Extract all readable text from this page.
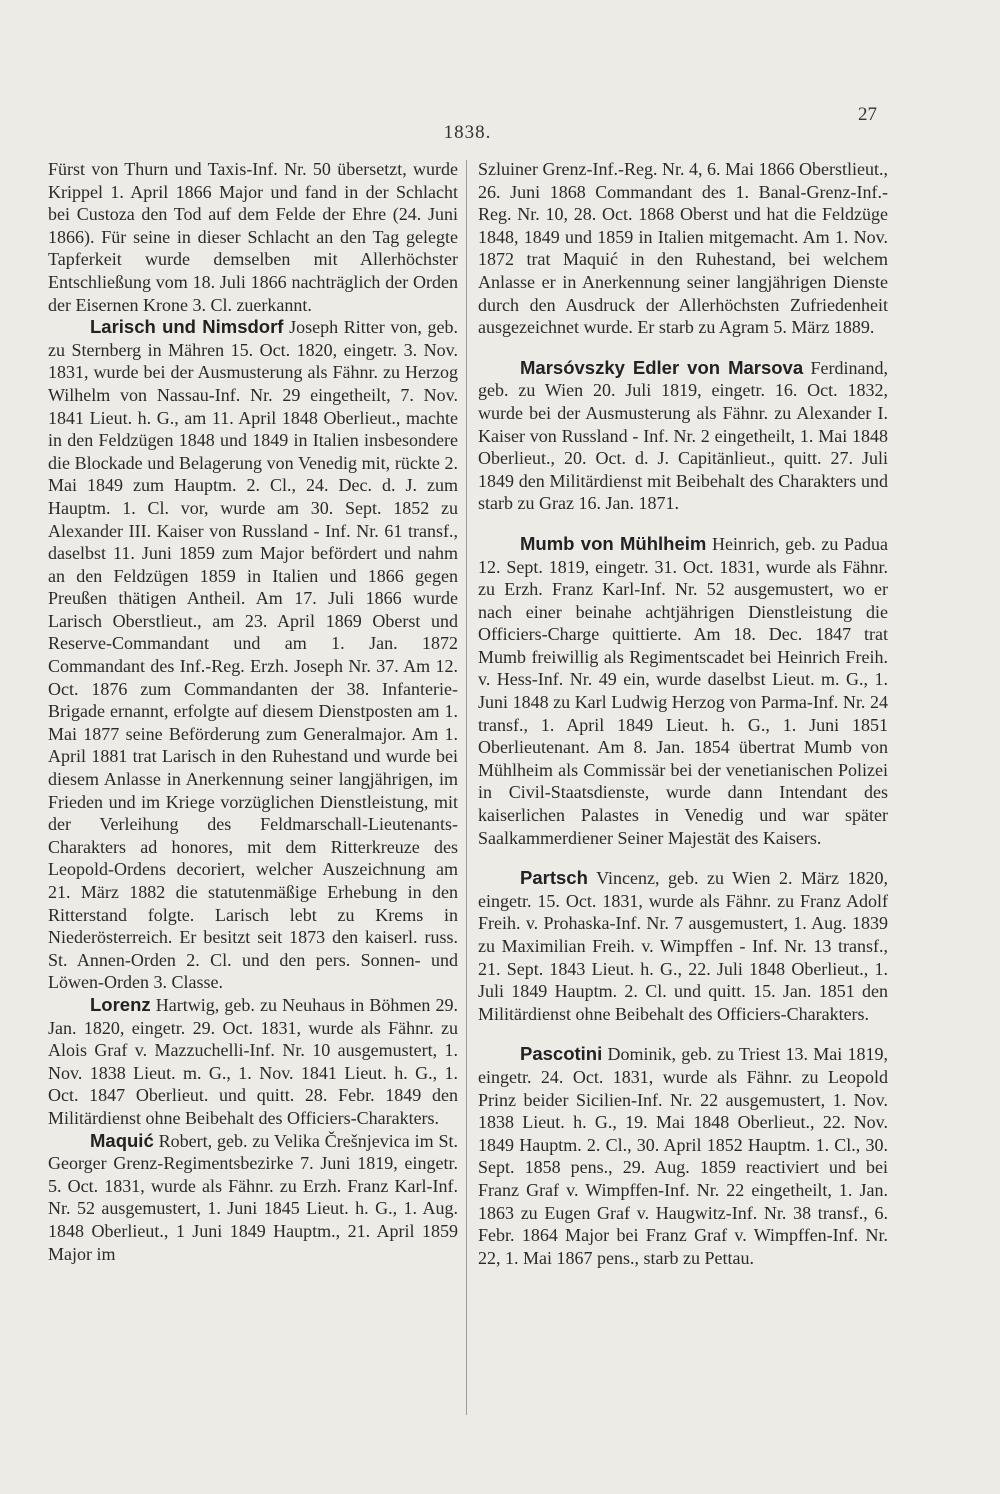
27
1838.

Fürst von Thurn und Taxis-Inf. Nr. 50 übersetzt, wurde Krippel 1. April 1866 Major und fand in der Schlacht bei Custoza den Tod auf dem Felde der Ehre (24. Juni 1866). Für seine in dieser Schlacht an den Tag gelegte Tapferkeit wurde demselben mit Allerhöchster Entschließung vom 18. Juli 1866 nachträglich der Orden der Eisernen Krone 3. Cl. zuerkannt.

Larisch und Nimsdorf Joseph Ritter von, geb. zu Sternberg in Mähren 15. Oct. 1820, eingetr. 3. Nov. 1831, wurde bei der Ausmusterung als Fähnr. zu Herzog Wilhelm von Nassau-Inf. Nr. 29 eingetheilt, 7. Nov. 1841 Lieut. h. G., am 11. April 1848 Oberlieut., machte in den Feldzügen 1848 und 1849 in Italien insbesondere die Blockade und Belagerung von Venedig mit, rückte 2. Mai 1849 zum Hauptm. 2. Cl., 24. Dec. d. J. zum Hauptm. 1. Cl. vor, wurde am 30. Sept. 1852 zu Alexander III. Kaiser von Russland - Inf. Nr. 61 transf., daselbst 11. Juni 1859 zum Major befördert und nahm an den Feldzügen 1859 in Italien und 1866 gegen Preußen thätigen Antheil. Am 17. Juli 1866 wurde Larisch Oberstlieut., am 23. April 1869 Oberst und Reserve-Commandant und am 1. Jan. 1872 Commandant des Inf.-Reg. Erzh. Joseph Nr. 37. Am 12. Oct. 1876 zum Commandanten der 38. Infanterie-Brigade ernannt, erfolgte auf diesem Dienstposten am 1. Mai 1877 seine Beförderung zum Generalmajor. Am 1. April 1881 trat Larisch in den Ruhestand und wurde bei diesem Anlasse in Anerkennung seiner langjährigen, im Frieden und im Kriege vorzüglichen Dienstleistung, mit der Verleihung des Feldmarschall-Lieutenants-Charakters ad honores, mit dem Ritterkreuze des Leopold-Ordens decoriert, welcher Auszeichnung am 21. März 1882 die statutenmäßige Erhebung in den Ritterstand folgte. Larisch lebt zu Krems in Niederösterreich. Er besitzt seit 1873 den kaiserl. russ. St. Annen-Orden 2. Cl. und den pers. Sonnen- und Löwen-Orden 3. Classe.

Lorenz Hartwig, geb. zu Neuhaus in Böhmen 29. Jan. 1820, eingetr. 29. Oct. 1831, wurde als Fähnr. zu Alois Graf v. Mazzuchelli-Inf. Nr. 10 ausgemustert, 1. Nov. 1838 Lieut. m. G., 1. Nov. 1841 Lieut. h. G., 1. Oct. 1847 Oberlieut. und quitt. 28. Febr. 1849 den Militärdienst ohne Beibehalt des Officiers-Charakters.

Maquić Robert, geb. zu Velika Črešnjevica im St. Georger Grenz-Regimentsbezirke 7. Juni 1819, eingetr. 5. Oct. 1831, wurde als Fähnr. zu Erzh. Franz Karl-Inf. Nr. 52 ausgemustert, 1. Juni 1845 Lieut. h. G., 1. Aug. 1848 Oberlieut., 1 Juni 1849 Hauptm., 21. April 1859 Major im

Szluiner Grenz-Inf.-Reg. Nr. 4, 6. Mai 1866 Oberstlieut., 26. Juni 1868 Commandant des 1. Banal-Grenz-Inf.-Reg. Nr. 10, 28. Oct. 1868 Oberst und hat die Feldzüge 1848, 1849 und 1859 in Italien mitgemacht. Am 1. Nov. 1872 trat Maquić in den Ruhestand, bei welchem Anlasse er in Anerkennung seiner langjährigen Dienste durch den Ausdruck der Allerhöchsten Zufriedenheit ausgezeichnet wurde. Er starb zu Agram 5. März 1889.

Marsóvszky Edler von Marsova Ferdinand, geb. zu Wien 20. Juli 1819, eingetr. 16. Oct. 1832, wurde bei der Ausmusterung als Fähnr. zu Alexander I. Kaiser von Russland - Inf. Nr. 2 eingetheilt, 1. Mai 1848 Oberlieut., 20. Oct. d. J. Capitänlieut., quitt. 27. Juli 1849 den Militärdienst mit Beibehalt des Charakters und starb zu Graz 16. Jan. 1871.

Mumb von Mühlheim Heinrich, geb. zu Padua 12. Sept. 1819, eingetr. 31. Oct. 1831, wurde als Fähnr. zu Erzh. Franz Karl-Inf. Nr. 52 ausgemustert, wo er nach einer beinahe achtjährigen Dienstleistung die Officiers-Charge quittierte. Am 18. Dec. 1847 trat Mumb freiwillig als Regimentscadet bei Heinrich Freih. v. Hess-Inf. Nr. 49 ein, wurde daselbst Lieut. m. G., 1. Juni 1848 zu Karl Ludwig Herzog von Parma-Inf. Nr. 24 transf., 1. April 1849 Lieut. h. G., 1. Juni 1851 Oberlieutenant. Am 8. Jan. 1854 übertrat Mumb von Mühlheim als Commissär bei der venetianischen Polizei in Civil-Staatsdienste, wurde dann Intendant des kaiserlichen Palastes in Venedig und war später Saalkammerdiener Seiner Majestät des Kaisers.

Partsch Vincenz, geb. zu Wien 2. März 1820, eingetr. 15. Oct. 1831, wurde als Fähnr. zu Franz Adolf Freih. v. Prohaska-Inf. Nr. 7 ausgemustert, 1. Aug. 1839 zu Maximilian Freih. v. Wimpffen - Inf. Nr. 13 transf., 21. Sept. 1843 Lieut. h. G., 22. Juli 1848 Oberlieut., 1. Juli 1849 Hauptm. 2. Cl. und quitt. 15. Jan. 1851 den Militärdienst ohne Beibehalt des Officiers-Charakters.

Pascotini Dominik, geb. zu Triest 13. Mai 1819, eingetr. 24. Oct. 1831, wurde als Fähnr. zu Leopold Prinz beider Sicilien-Inf. Nr. 22 ausgemustert, 1. Nov. 1838 Lieut. h. G., 19. Mai 1848 Oberlieut., 22. Nov. 1849 Hauptm. 2. Cl., 30. April 1852 Hauptm. 1. Cl., 30. Sept. 1858 pens., 29. Aug. 1859 reactiviert und bei Franz Graf v. Wimpffen-Inf. Nr. 22 eingetheilt, 1. Jan. 1863 zu Eugen Graf v. Haugwitz-Inf. Nr. 38 transf., 6. Febr. 1864 Major bei Franz Graf v. Wimpffen-Inf. Nr. 22, 1. Mai 1867 pens., starb zu Pettau.
